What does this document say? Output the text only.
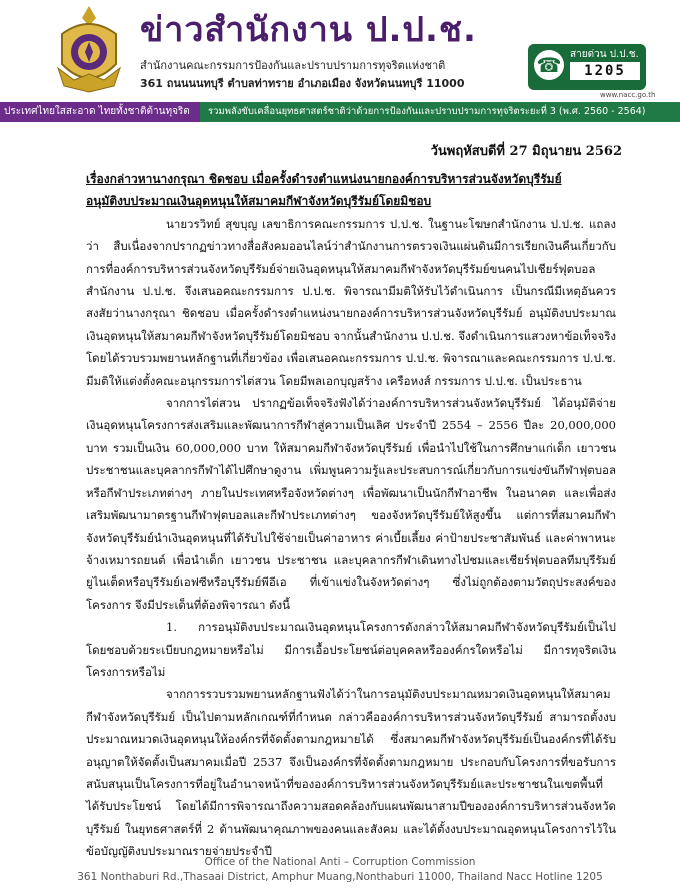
ข่าวสำนักงาน ป.ป.ช.
สำนักงานคณะกรรมการป้องกันและปราบปรามการทุจริตแห่งชาติ
361 ถนนนนทบุรี ตำบลท่าทราย อำเภอเมือง จังหวัดนนทบุรี 11000
☎ สายด่วน ป.ป.ช.
1205
www.nacc.go.th
ประเทศไทยใสสะอาด ไทยทั้งชาติต้านทุจริต	รวมพลังขับเคลื่อนยุทธศาสตร์ชาติว่าด้วยการป้องกันและปราบปรามการทุจริตระยะที่ 3 (พ.ศ. 2560 - 2564)
วันพฤหัสบดีที่ 27 มิถุนายน 2562

เรื่องกล่าวหานางกรุณา ชิดชอบ เมื่อครั้งดำรงตำแหน่งนายกองค์การบริหารส่วนจังหวัดบุรีรัมย์

อนุมัติงบประมาณเงินอุดหนุนให้สมาคมกีฬาจังหวัดบุรีรัมย์โดยมิชอบ

นายวรวิทย์ สุขบุญ เลขาธิการคณะกรรมการ ป.ป.ช. ในฐานะโฆษกสำนักงาน ป.ป.ช. แถลงว่า สืบเนื่องจากปรากฏข่าวทางสื่อสังคมออนไลน์ว่าสำนักงานการตรวจเงินแผ่นดินมีการเรียกเงินคืนเกี่ยวกับการที่องค์การบริหารส่วนจังหวัดบุรีรัมย์จ่ายเงินอุดหนุนให้สมาคมกีฬาจังหวัดบุรีรัมย์ขนคนไปเชียร์ฟุตบอล สำนักงาน ป.ป.ช. จึงเสนอคณะกรรมการ ป.ป.ช. พิจารณามีมติให้รับไว้ดำเนินการ เป็นกรณีมีเหตุอันควรสงสัยว่านางกรุณา ชิดชอบ เมื่อครั้งดำรงตำแหน่งนายกองค์การบริหารส่วนจังหวัดบุรีรัมย์ อนุมัติงบประมาณเงินอุดหนุนให้สมาคมกีฬาจังหวัดบุรีรัมย์โดยมิชอบ จากนั้นสำนักงาน ป.ป.ช. จึงดำเนินการแสวงหาข้อเท็จจริง โดยได้รวบรวมพยานหลักฐานที่เกี่ยวข้อง เพื่อเสนอคณะกรรมการ ป.ป.ช. พิจารณาและคณะกรรมการ ป.ป.ช. มีมติให้แต่งตั้งคณะอนุกรรมการไต่สวน โดยมีพลเอกบุญสร้าง เครือหงส์ กรรมการ ป.ป.ช. เป็นประธาน

จากการไต่สวน ปรากฏข้อเท็จจริงฟังได้ว่าองค์การบริหารส่วนจังหวัดบุรีรัมย์ ได้อนุมัติจ่ายเงินอุดหนุนโครงการส่งเสริมและพัฒนาการกีฬาสู่ความเป็นเลิศ ประจำปี 2554 – 2556 ปีละ 20,000,000 บาท รวมเป็นเงิน 60,000,000 บาท ให้สมาคมกีฬาจังหวัดบุรีรัมย์ เพื่อนำไปใช้ในการศึกษาแก่เด็ก เยาวชน ประชาชนและบุคลากรกีฬาได้ไปศึกษาดูงาน เพิ่มพูนความรู้และประสบการณ์เกี่ยวกับการแข่งขันกีฬาฟุตบอลหรือกีฬาประเภทต่างๆ ภายในประเทศหรือจังหวัดต่างๆ เพื่อพัฒนาเป็นนักกีฬาอาชีพ ในอนาคต และเพื่อส่งเสริมพัฒนามาตรฐานกีฬาฟุตบอลและกีฬาประเภทต่างๆ ของจังหวัดบุรีรัมย์ให้สูงขึ้น แต่การที่สมาคมกีฬาจังหวัดบุรีรัมย์นำเงินอุดหนุนที่ได้รับไปใช้จ่ายเป็นค่าอาหาร ค่าเบี้ยเลี้ยง ค่าป้ายประชาสัมพันธ์ และค่าพาหนะจ้างเหมารถยนต์ เพื่อนำเด็ก เยาวชน ประชาชน และบุคลากรกีฬาเดินทางไปชมและเชียร์ฟุตบอลทีมบุรีรัมย์ยูไนเต็ดหรือบุรีรัมย์เอฟซีหรือบุรีรัมย์พีอีเอ ที่เข้าแข่งในจังหวัดต่างๆ ซึ่งไม่ถูกต้องตามวัตถุประสงค์ของโครงการ จึงมีประเด็นที่ต้องพิจารณา ดังนี้

1. การอนุมัติงบประมาณเงินอุดหนุนโครงการดังกล่าวให้สมาคมกีฬาจังหวัดบุรีรัมย์เป็นไปโดยชอบด้วยระเบียบกฎหมายหรือไม่ มีการเอื้อประโยชน์ต่อบุคคลหรือองค์กรใดหรือไม่ มีการทุจริตเงินโครงการหรือไม่

จากการรวบรวมพยานหลักฐานฟังได้ว่าในการอนุมัติงบประมาณหมวดเงินอุดหนุนให้สมาคมกีฬาจังหวัดบุรีรัมย์ เป็นไปตามหลักเกณฑ์ที่กำหนด กล่าวคือองค์การบริหารส่วนจังหวัดบุรีรัมย์ สามารถตั้งงบประมาณหมวดเงินอุดหนุนให้องค์กรที่จัดตั้งตามกฎหมายได้ ซึ่งสมาคมกีฬาจังหวัดบุรีรัมย์เป็นองค์กรที่ได้รับอนุญาตให้จัดตั้งเป็นสมาคมเมื่อปี 2537 จึงเป็นองค์กรที่จัดตั้งตามกฎหมาย ประกอบกับโครงการที่ขอรับการสนับสนุนเป็นโครงการที่อยู่ในอำนาจหน้าที่ขององค์การบริหารส่วนจังหวัดบุรีรัมย์และประชาชนในเขตพื้นที่ได้รับประโยชน์ โดยได้มีการพิจารณาถึงความสอดคล้องกับแผนพัฒนาสามปีขององค์การบริหารส่วนจังหวัดบุรีรัมย์ ในยุทธศาสตร์ที่ 2 ด้านพัฒนาคุณภาพของคนและสังคม และได้ตั้งงบประมาณอุดหนุนโครงการไว้ในข้อบัญญัติงบประมาณรายจ่ายประจำปี

Office of the National Anti – Corruption Commission
361 Nonthaburi Rd.,Thasaai District, Amphur Muang,Nonthaburi 11000, Thailand Nacc Hotline 1205
